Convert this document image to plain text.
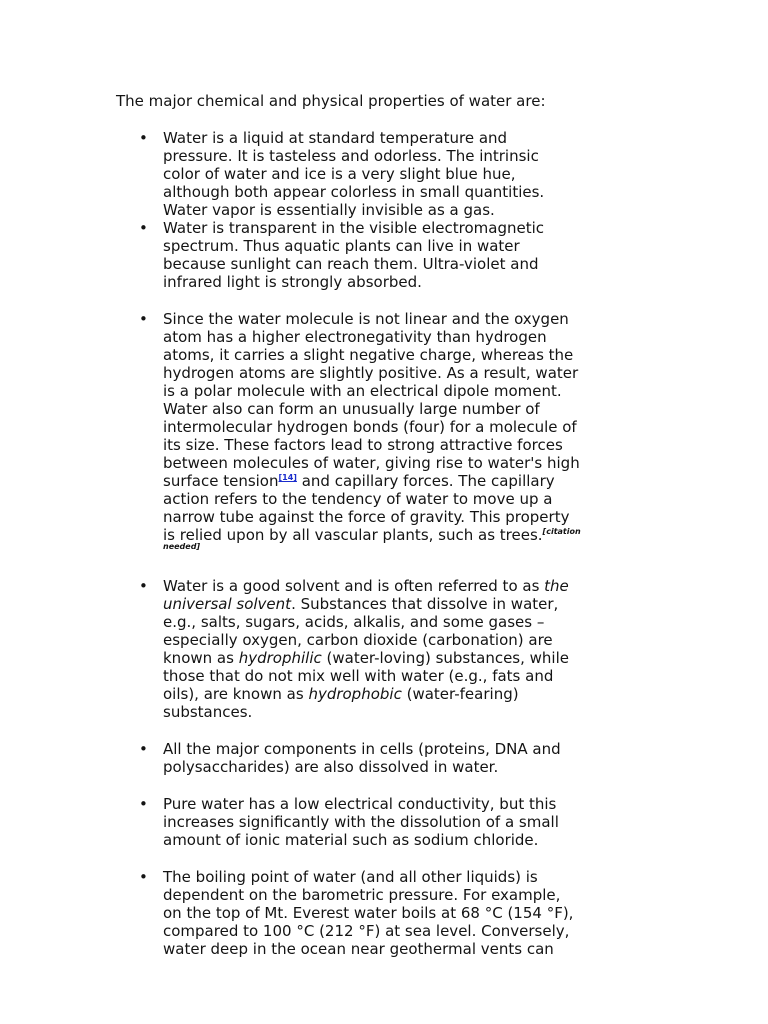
The major chemical and physical properties of water are:
• Water is a liquid at standard temperature and
pressure. It is tasteless and odorless. The intrinsic
color of water and ice is a very slight blue hue,
although both appear colorless in small quantities.
Water vapor is essentially invisible as a gas.
• Water is transparent in the visible electromagnetic
spectrum. Thus aquatic plants can live in water
because sunlight can reach them. Ultra-violet and
infrared light is strongly absorbed.
• Since the water molecule is not linear and the oxygen
atom has a higher electronegativity than hydrogen
atoms, it carries a slight negative charge, whereas the
hydrogen atoms are slightly positive. As a result, water
is a polar molecule with an electrical dipole moment.
Water also can form an unusually large number of
intermolecular hydrogen bonds (four) for a molecule of
its size. These factors lead to strong attractive forces
between molecules of water, giving rise to water's high
surface tension[14] and capillary forces. The capillary
action refers to the tendency of water to move up a
narrow tube against the force of gravity. This property
is relied upon by all vascular plants, such as trees.$^{[citation}$
$^{needed]}$
• Water is a good solvent and is often referred to as the
universal solvent. Substances that dissolve in water,
e.g., salts, sugars, acids, alkalis, and some gases –
especially oxygen, carbon dioxide (carbonation) are
known as hydrophilic (water-loving) substances, while
those that do not mix well with water (e.g., fats and
oils), are known as hydrophobic (water-fearing)
substances.
• All the major components in cells (proteins, DNA and
polysaccharides) are also dissolved in water.
• Pure water has a low electrical conductivity, but this
increases significantly with the dissolution of a small
amount of ionic material such as sodium chloride.
• The boiling point of water (and all other liquids) is
dependent on the barometric pressure. For example,
on the top of Mt. Everest water boils at 68 °C (154 °F),
compared to 100 °C (212 °F) at sea level. Conversely,
water deep in the ocean near geothermal vents can
